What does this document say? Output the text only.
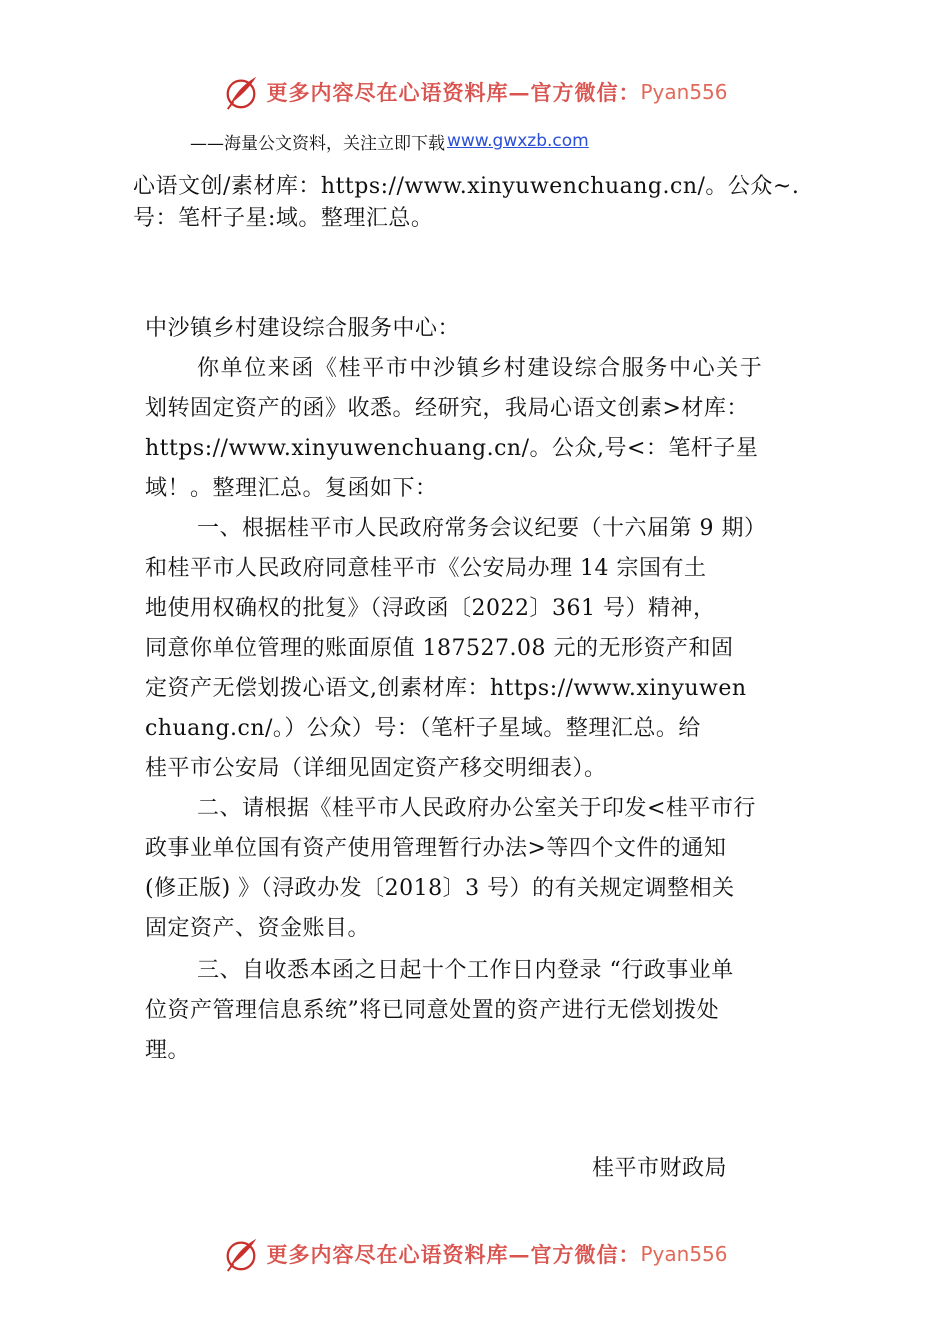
更多内容尽在心语资料库—官方微信： Pyan556
——海量公文资料，关注立即下载 www.gwxzb.com
心语文创/素材库：https://www.xinyuwenchuang.cn/。公众~.
号：笔杆子星:域。整理汇总。
中沙镇乡村建设综合服务中心：
你单位来函《桂平市中沙镇乡村建设综合服务中心关于
划转固定资产的函》收悉。经研究，我局心语文创素>材库：
https://www.xinyuwenchuang.cn/。公众,号<：笔杆子星
域！。整理汇总。复函如下：
一、根据桂平市人民政府常务会议纪要（十六届第 9 期）
和桂平市人民政府同意桂平市《公安局办理 14 宗国有土
地使用权确权的批复》（浔政函〔2022〕361 号）精神，
同意你单位管理的账面原值 187527.08 元的无形资产和固
定资产无偿划拨心语文,创素材库：https://www.xinyuwen
chuang.cn/。）公众）号：（笔杆子星域。整理汇总。给
桂平市公安局（详细见固定资产移交明细表）。
二、请根据《桂平市人民政府办公室关于印发<桂平市行
政事业单位国有资产使用管理暂行办法>等四个文件的通知
(修正版) 》（浔政办发〔2018〕3 号）的有关规定调整相关
固定资产、资金账目。
三、自收悉本函之日起十个工作日内登录 “行政事业单
位资产管理信息系统”将已同意处置的资产进行无偿划拨处
理。
桂平市财政局
更多内容尽在心语资料库—官方微信： Pyan556
